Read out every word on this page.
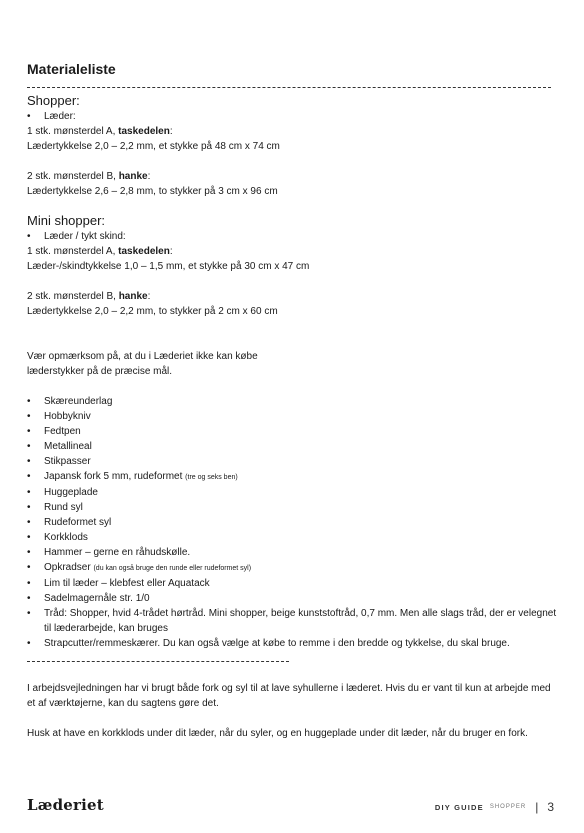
Materialeliste
Shopper:
• Læder:
1 stk. mønsterdel A, taskedelen:
Lædertykkelse 2,0 – 2,2 mm, et stykke på 48 cm x 74 cm
2 stk. mønsterdel B, hanke:
Lædertykkelse 2,6 – 2,8 mm, to stykker på 3 cm x 96 cm
Mini shopper:
• Læder / tykt skind:
1 stk. mønsterdel A, taskedelen:
Læder-/skindtykkelse 1,0 – 1,5 mm, et stykke på 30 cm x 47 cm
2 stk. mønsterdel B, hanke:
Lædertykkelse 2,0 – 2,2 mm, to stykker på 2 cm x 60 cm
Vær opmærksom på, at du i Læderiet ikke kan købe
læderstykker på de præcise mål.
• Skæreunderlag
• Hobbykniv
• Fedtpen
• Metallineal
• Stikpasser
• Japansk fork 5 mm, rudeformet (tre og seks ben)
• Huggeplade
• Rund syl
• Rudeformet syl
• Korkklods
• Hammer – gerne en råhudskølle.
• Opkradser (du kan også bruge den runde eller rudeformet syl)
• Lim til læder – klebfest eller Aquatack
• Sadelmagernåle str. 1/0
• Tråd: Shopper, hvid 4-trådet hørtråd. Mini shopper, beige kunststoftråd, 0,7 mm. Men alle slags tråd, der er velegnet til læderarbejde, kan bruges
• Strapcutter/remmeskærer. Du kan også vælge at købe to remme i den bredde og tykkelse, du skal bruge.
I arbejdsvejledningen har vi brugt både fork og syl til at lave syhullerne i læderet. Hvis du er vant til kun at arbejde med et af værktøjerne, kan du sagtens gøre det.
Husk at have en korkklods under dit læder, når du syler, og en huggeplade under dit læder, når du bruger en fork.
Læderiet	DIY GUIDE SHOPPER | 3
